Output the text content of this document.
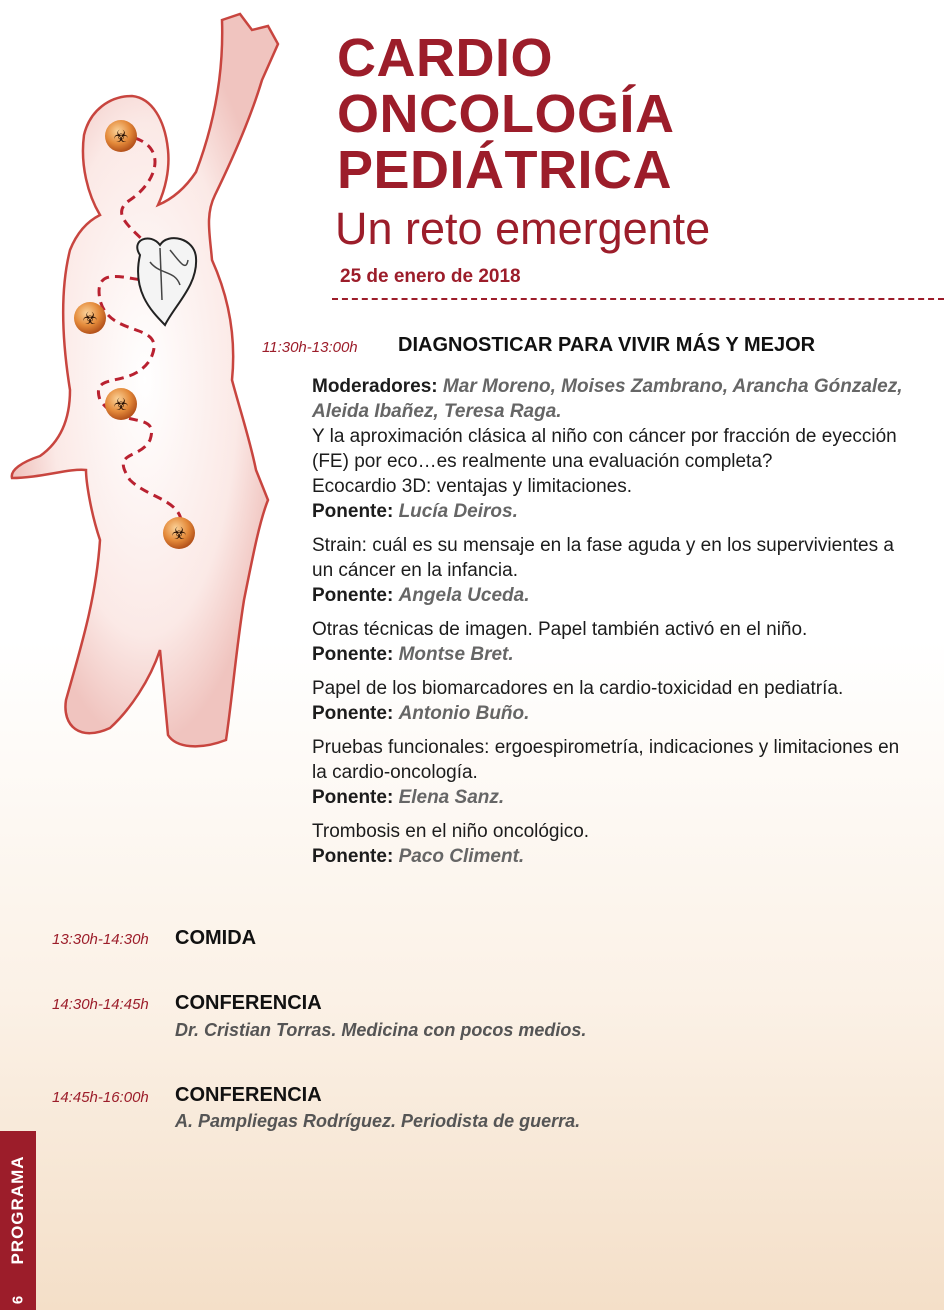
☣
☣
☣
☣
CARDIO
ONCOLOGÍA
PEDIÁTRICA
Un reto emergente
25 de enero de 2018
11:30h-13:00h DIAGNOSTICAR PARA VIVIR MÁS Y MEJOR

Moderadores: Mar Moreno, Moises Zambrano, Arancha Gónzalez, Aleida Ibañez, Teresa Raga.

Y la aproximación clásica al niño con cáncer por fracción de eyección (FE) por eco…es realmente una evaluación completa?

Ecocardio 3D: ventajas y limitaciones.

Ponente: Lucía Deiros.

Strain: cuál es su mensaje en la fase aguda y en los supervivientes a un cáncer en la infancia.

Ponente: Angela Uceda.

Otras técnicas de imagen. Papel también activó en el niño.

Ponente: Montse Bret.

Papel de los biomarcadores en la cardio-toxicidad en pediatría.

Ponente: Antonio Buño.

Pruebas funcionales: ergoespirometría, indicaciones y limitaciones en la cardio-oncología.

Ponente: Elena Sanz.

Trombosis en el niño oncológico.

Ponente: Paco Climent.

13:30h-14:30h COMIDA
14:30h-14:45h CONFERENCIA
Dr. Cristian Torras. Medicina con pocos medios.
14:45h-16:00h CONFERENCIA
A. Pampliegas Rodríguez. Periodista de guerra.
PROGRAMA
6
